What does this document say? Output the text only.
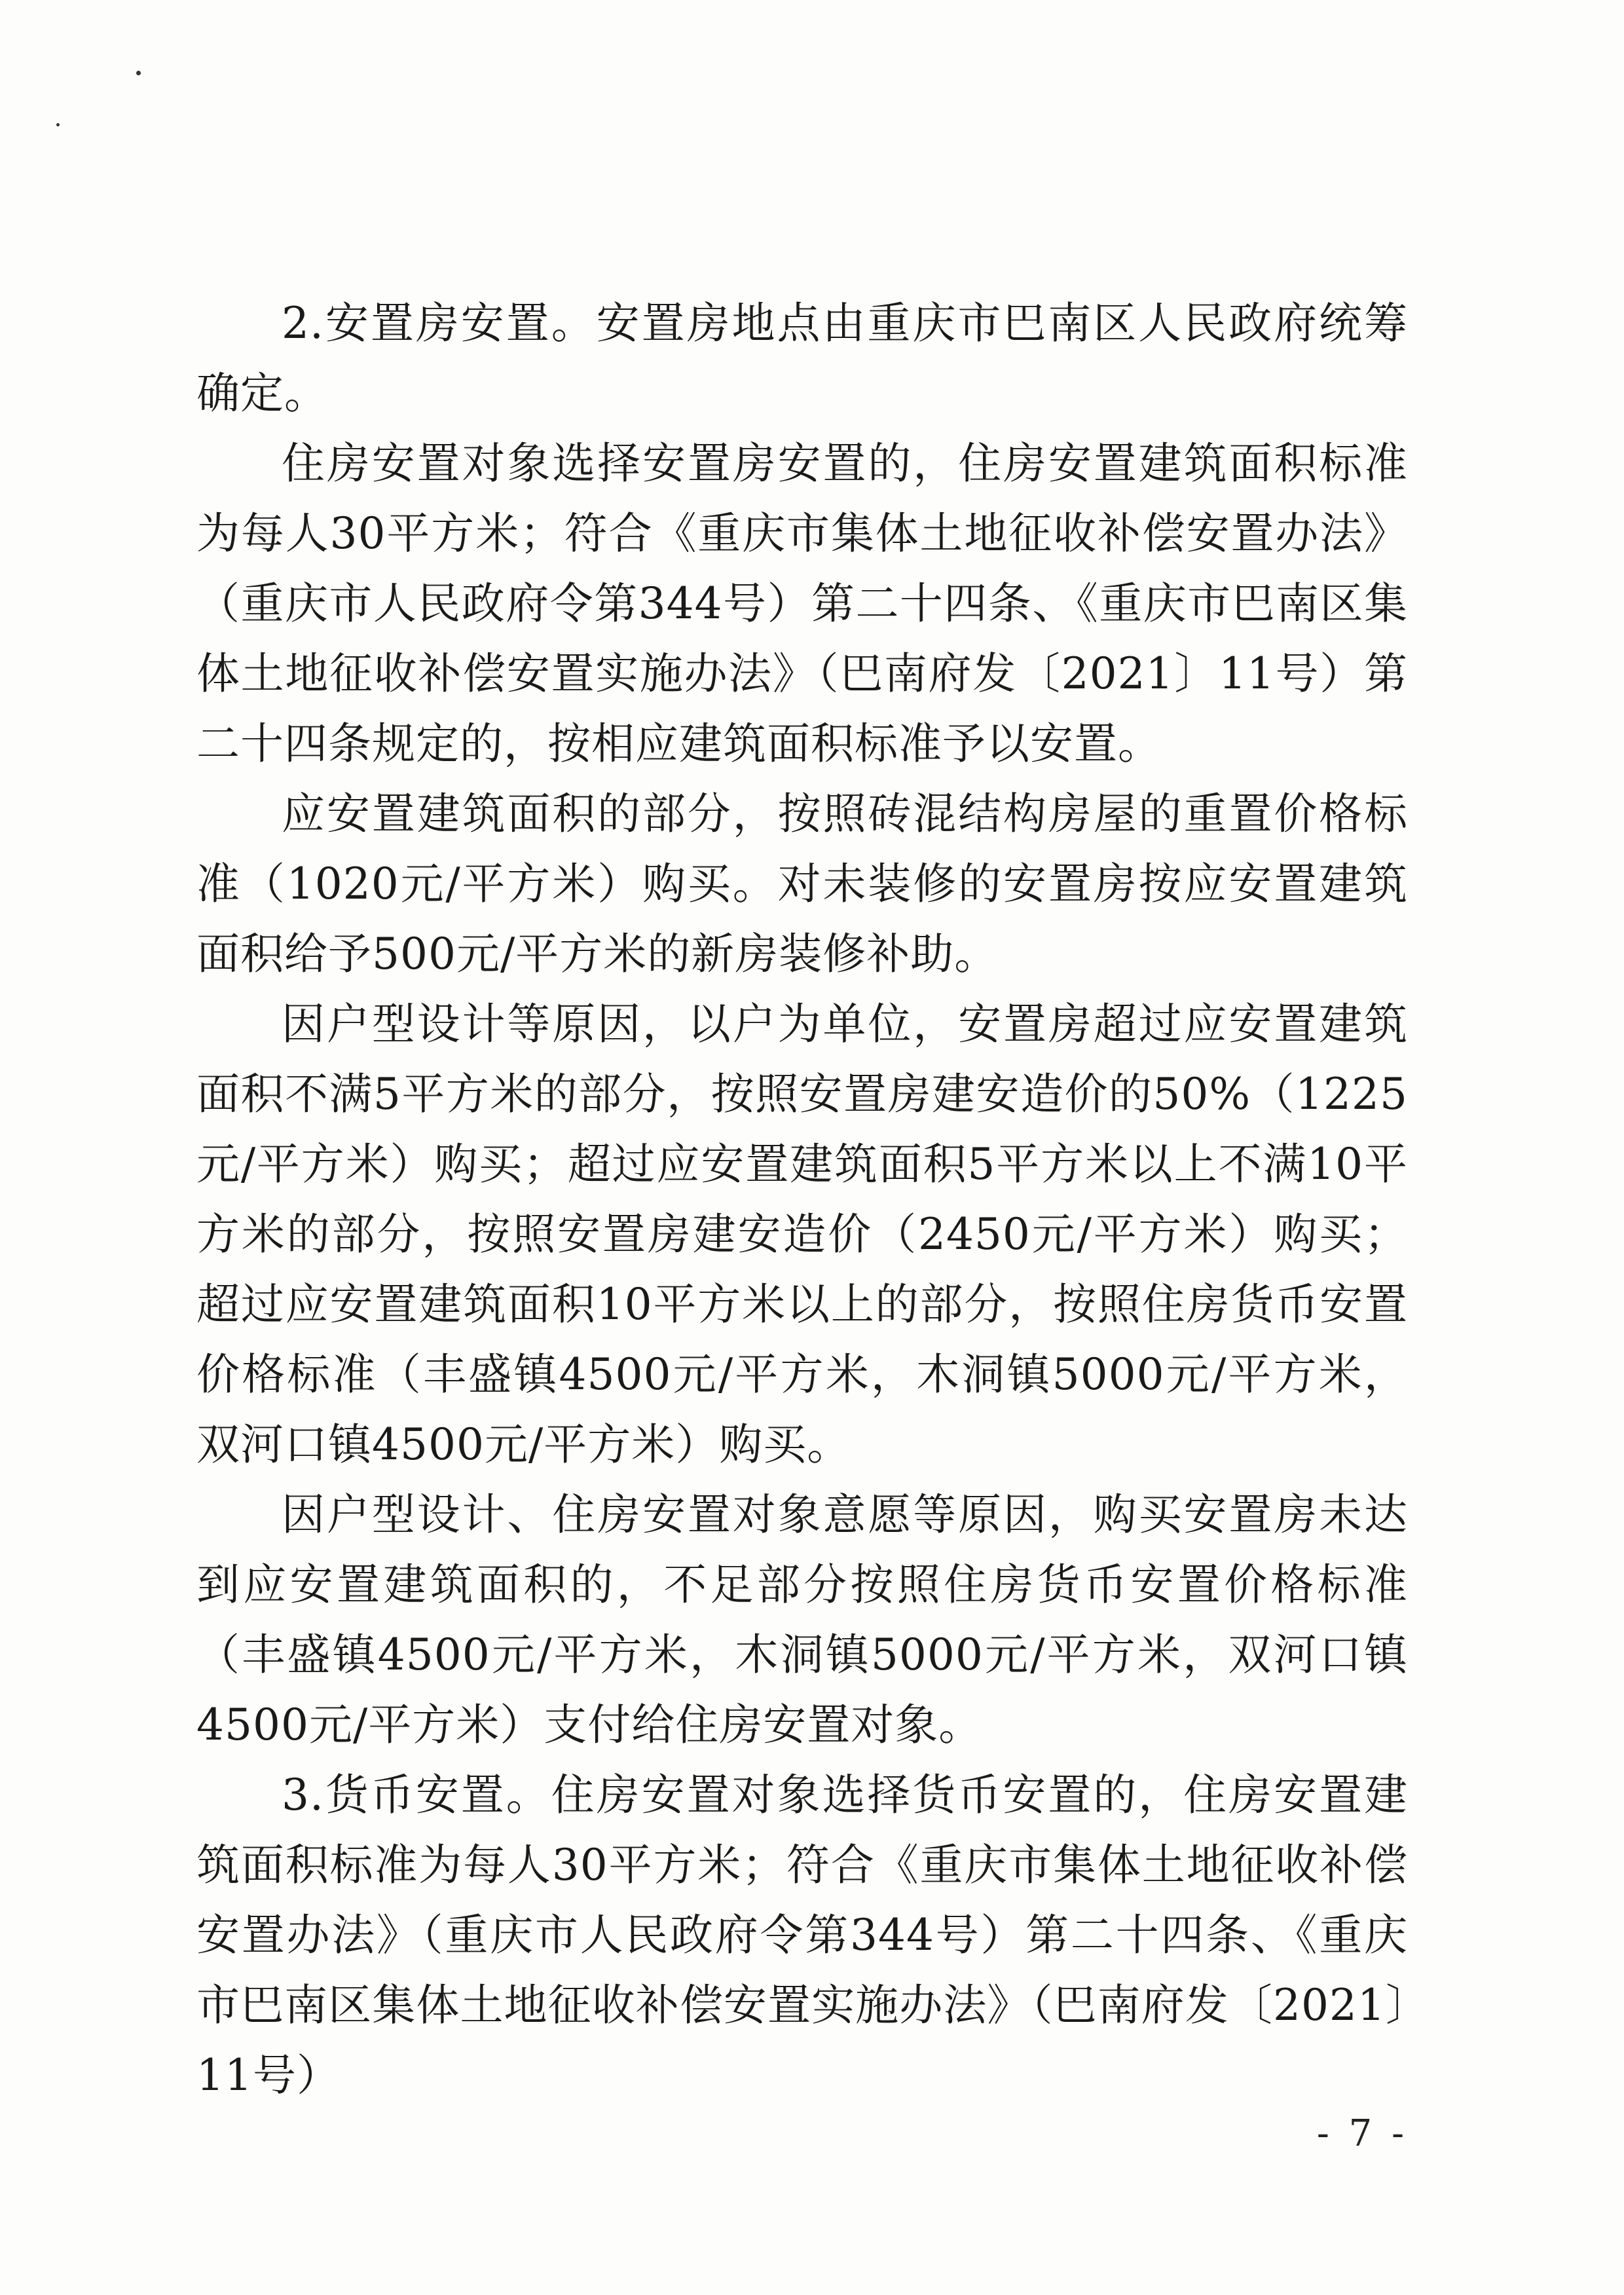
2.安置房安置。安置房地点由重庆市巴南区人民政府统筹确定。

住房安置对象选择安置房安置的，住房安置建筑面积标准为每人30平方米；符合《重庆市集体土地征收补偿安置办法》（重庆市人民政府令第344号）第二十四条、《重庆市巴南区集体土地征收补偿安置实施办法》（巴南府发〔2021〕11号）第二十四条规定的，按相应建筑面积标准予以安置。

应安置建筑面积的部分，按照砖混结构房屋的重置价格标准（1020元/平方米）购买。对未装修的安置房按应安置建筑面积给予500元/平方米的新房装修补助。

因户型设计等原因，以户为单位，安置房超过应安置建筑面积不满5平方米的部分，按照安置房建安造价的50%（1225元/平方米）购买；超过应安置建筑面积5平方米以上不满10平方米的部分，按照安置房建安造价（2450元/平方米）购买；超过应安置建筑面积10平方米以上的部分，按照住房货币安置价格标准（丰盛镇4500元/平方米，木洞镇5000元/平方米，双河口镇4500元/平方米）购买。

因户型设计、住房安置对象意愿等原因，购买安置房未达到应安置建筑面积的，不足部分按照住房货币安置价格标准（丰盛镇4500元/平方米，木洞镇5000元/平方米，双河口镇4500元/平方米）支付给住房安置对象。

3.货币安置。住房安置对象选择货币安置的，住房安置建筑面积标准为每人30平方米；符合《重庆市集体土地征收补偿安置办法》（重庆市人民政府令第344号）第二十四条、《重庆市巴南区集体土地征收补偿安置实施办法》（巴南府发〔2021〕11号）

- 7 -
